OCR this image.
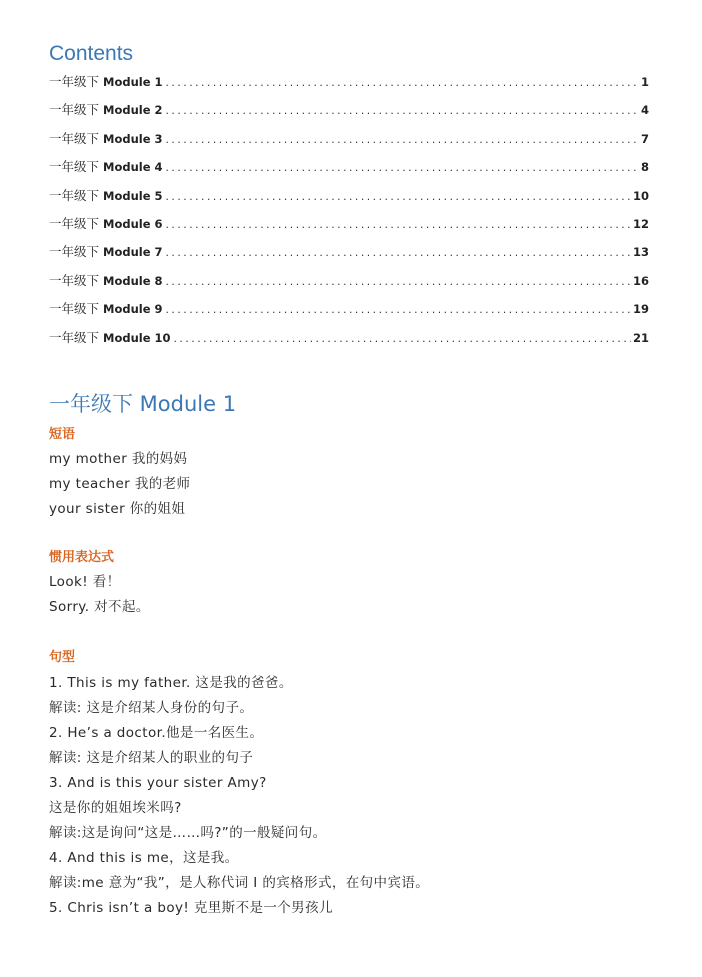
Contents
一年级下 Module 1 .....	1
一年级下 Module 2 .....	4
一年级下 Module 3 .....	7
一年级下 Module 4 .....	8
一年级下 Module 5 .....	10
一年级下 Module 6 .....	12
一年级下 Module 7 .....	13
一年级下 Module 8 .....	16
一年级下 Module 9 .....	19
一年级下 Module 10 .....	21
一年级下 Module 1

短语

my mother 我的妈妈

my teacher 我的老师

your sister 你的姐姐

惯用表达式

Look! 看！

Sorry. 对不起。

句型

1. This is my father. 这是我的爸爸。

解读: 这是介绍某人身份的句子。

2. He’s a doctor.他是一名医生。

解读: 这是介绍某人的职业的句子

3. And is this your sister Amy?

这是你的姐姐埃米吗?

解读:这是询问“这是……吗?”的一般疑问句。

4. And this is me，这是我。

解读:me 意为“我”，是人称代词 I 的宾格形式，在句中宾语。

5. Chris isn’t a boy! 克里斯不是一个男孩儿
